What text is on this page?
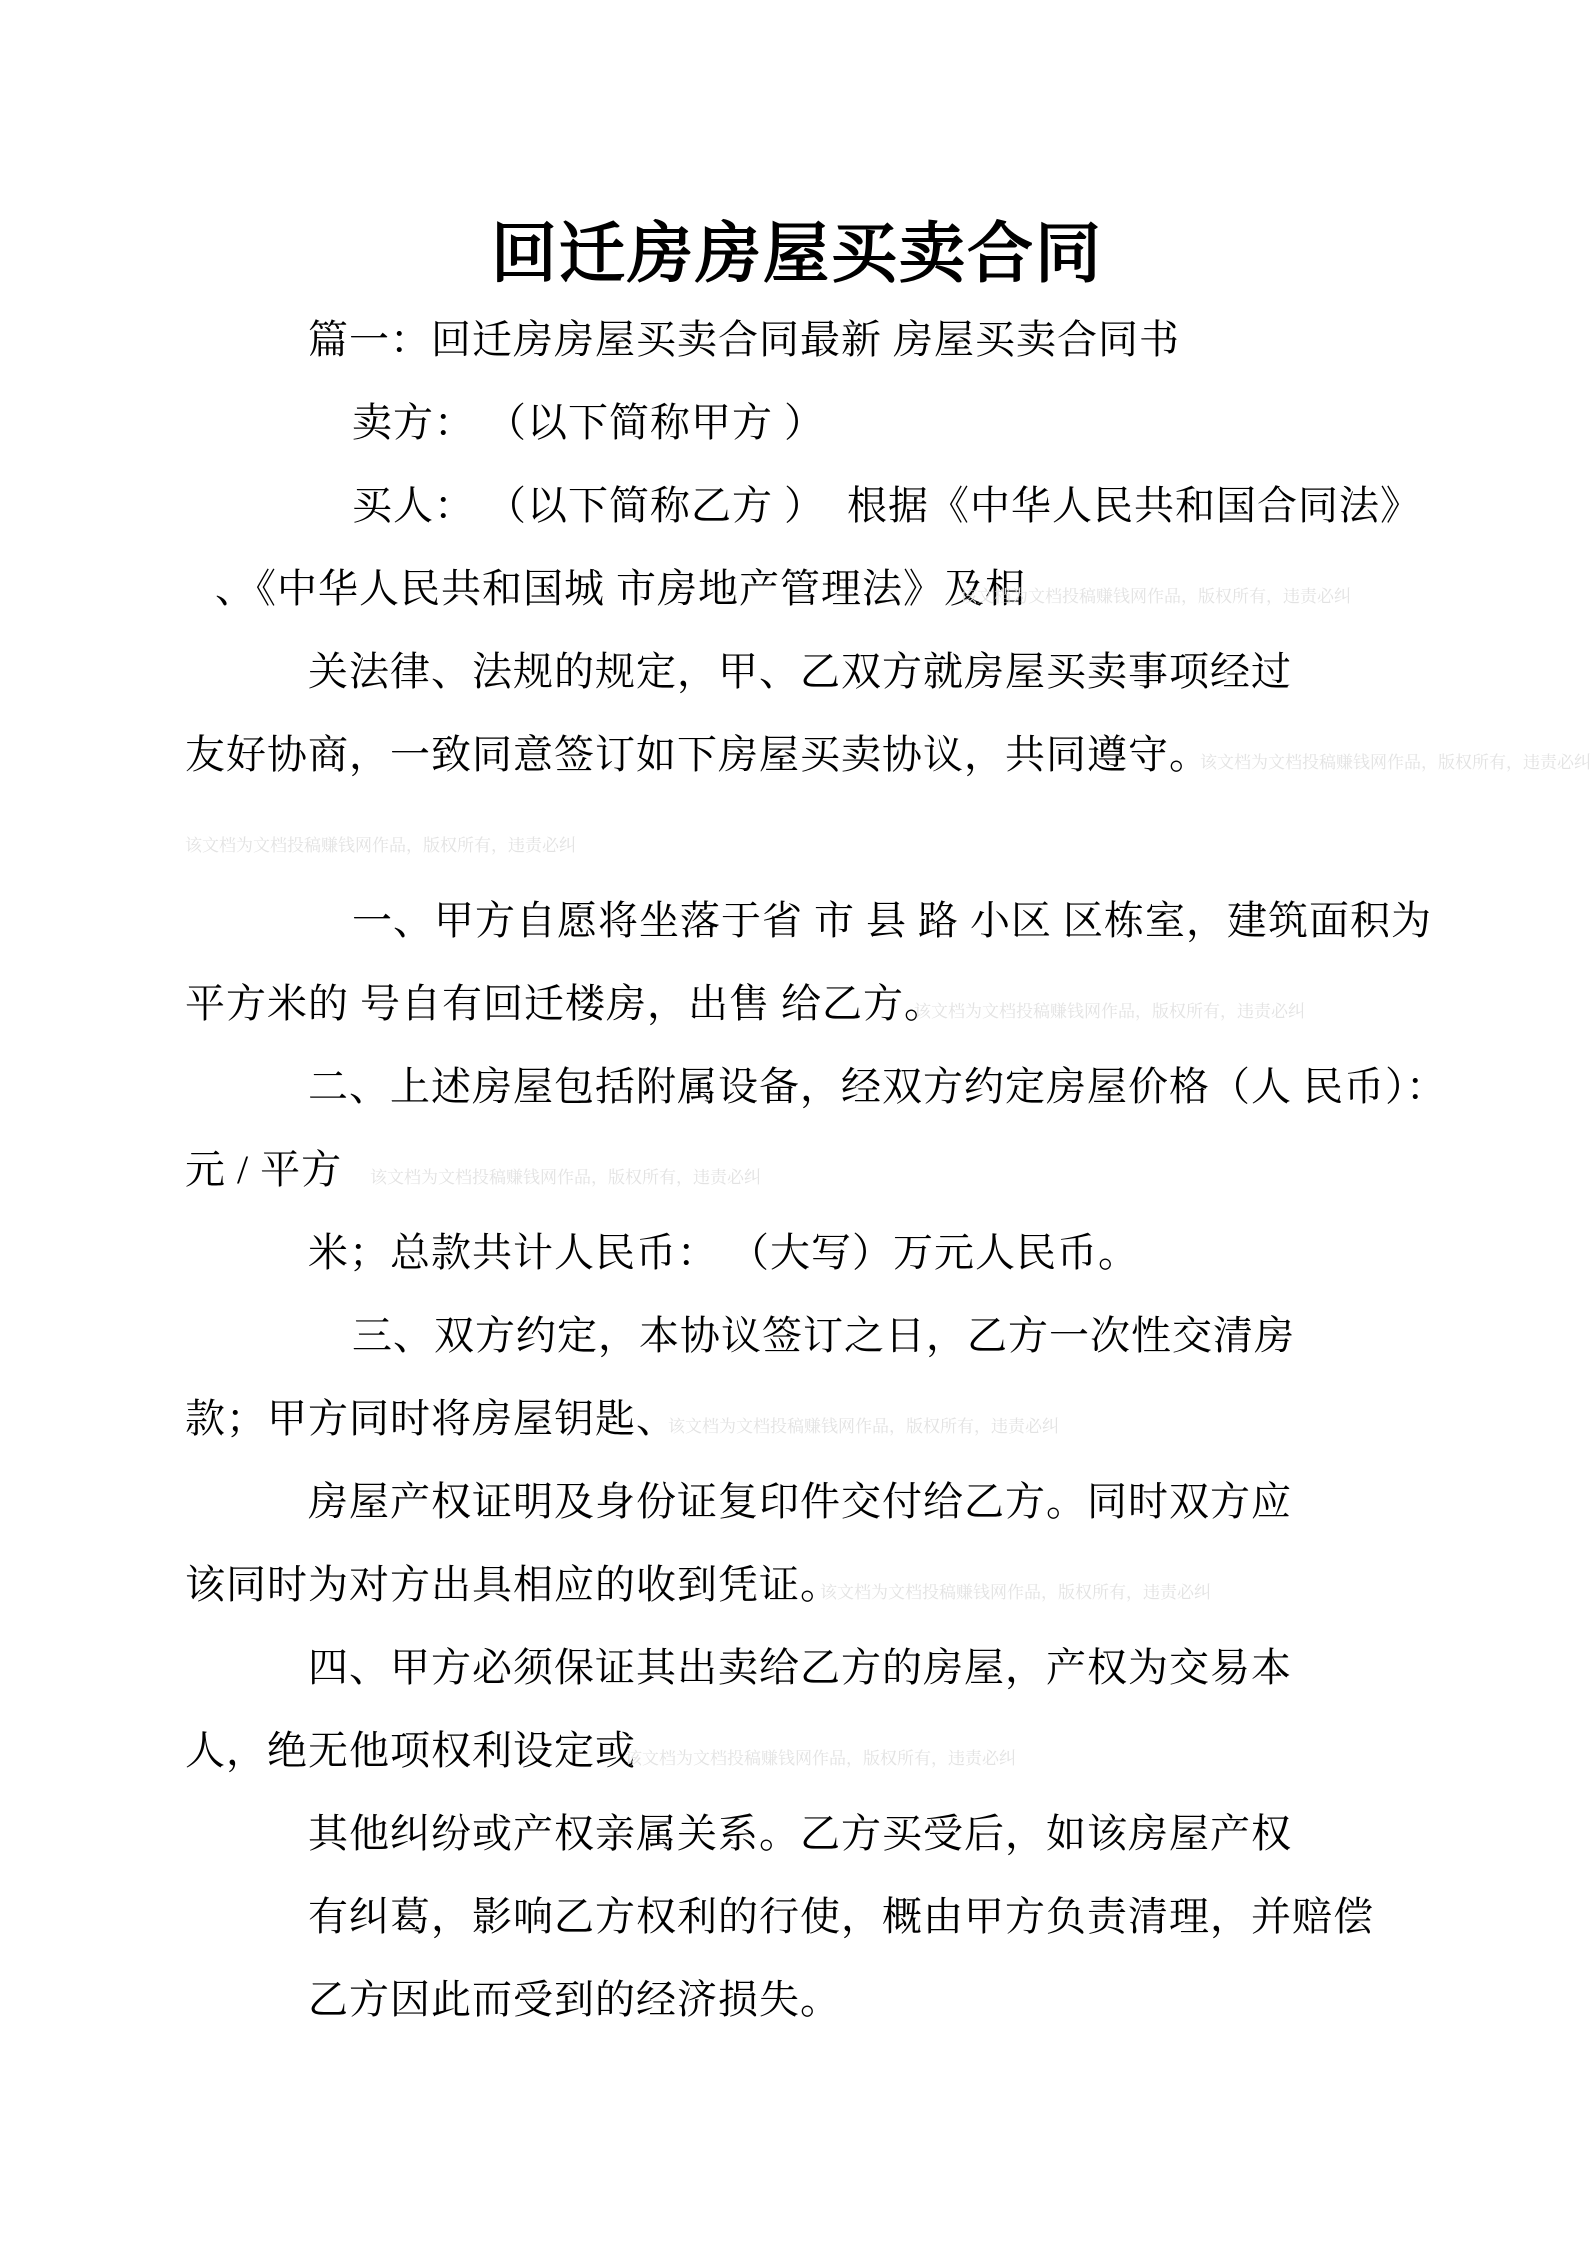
回迁房房屋买卖合同
篇一：回迁房房屋买卖合同最新 房屋买卖合同书
卖方： （以下简称甲方 ）
买人： （以下简称乙方 ）  根据《中华人民共和国合同法》
、《中华人民共和国城 市房地产管理法》及相
该文档为文档投稿赚钱网作品，版权所有，违责必纠
关法律、法规的规定，甲、乙双方就房屋买卖事项经过
友好协商，一致同意签订如下房屋买卖协议，共同遵守。
该文档为文档投稿赚钱网作品，版权所有，违责必纠
该文档为文档投稿赚钱网作品，版权所有，违责必纠
一、甲方自愿将坐落于省 市 县 路 小区 区栋室，建筑面积为
平方米的 号自有回迁楼房，出售 给乙方。
该文档为文档投稿赚钱网作品，版权所有，违责必纠
二、上述房屋包括附属设备，经双方约定房屋价格（人 民币）：
元 / 平方 该文档为文档投稿赚钱网作品，版权所有，违责必纠
米；总款共计人民币： （大写）万元人民币。
三、双方约定，本协议签订之日，乙方一次性交清房
款；甲方同时将房屋钥匙、
该文档为文档投稿赚钱网作品，版权所有，违责必纠
房屋产权证明及身份证复印件交付给乙方。同时双方应
该同时为对方出具相应的收到凭证。
该文档为文档投稿赚钱网作品，版权所有，违责必纠
四、甲方必须保证其出卖给乙方的房屋，产权为交易本
人，绝无他项权利设定或
该文档为文档投稿赚钱网作品，版权所有，违责必纠
其他纠纷或产权亲属关系。乙方买受后，如该房屋产权
有纠葛，影响乙方权利的行使，概由甲方负责清理，并赔偿
乙方因此而受到的经济损失。
